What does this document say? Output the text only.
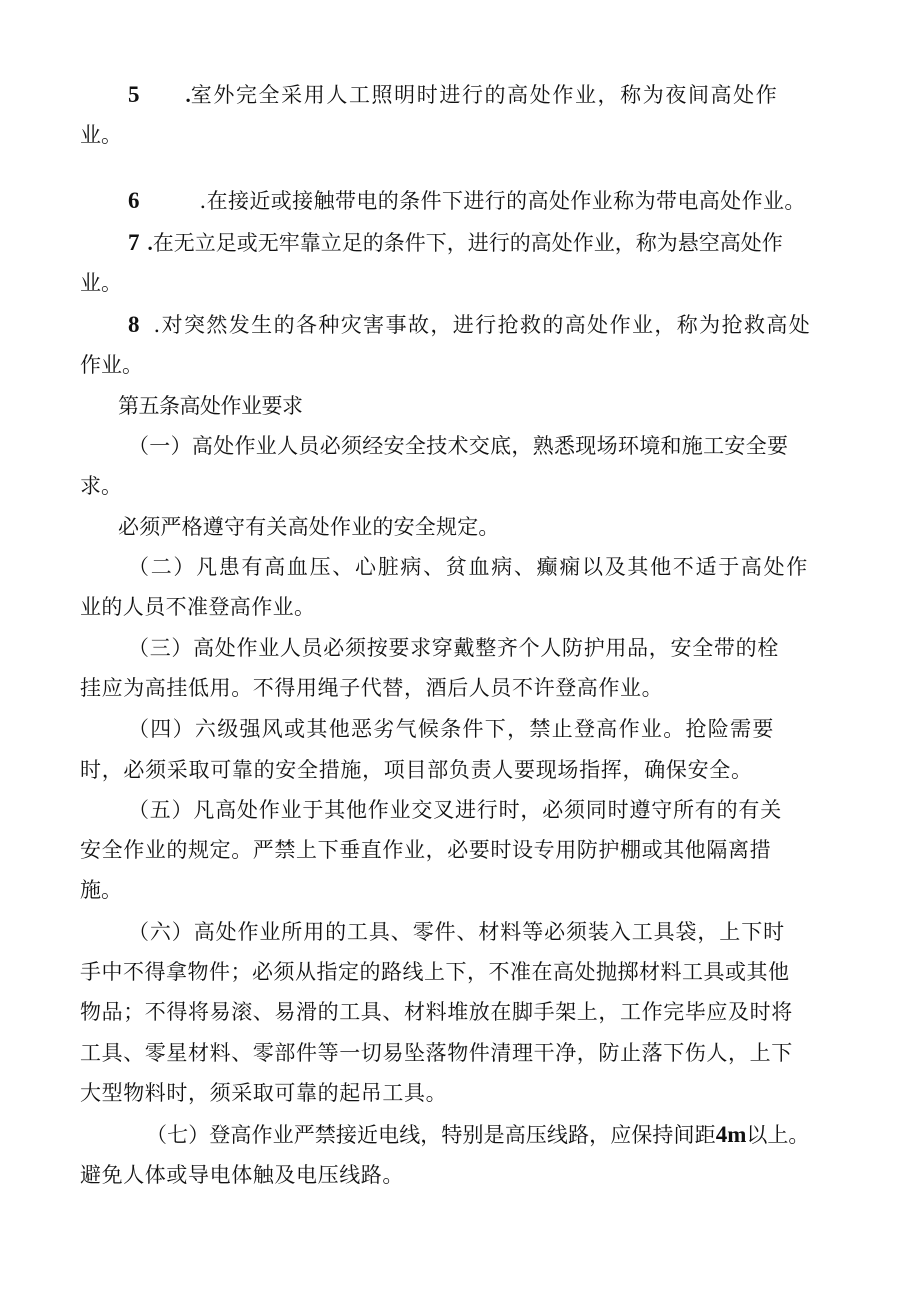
5 .室外完全采用人工照明时进行的高处作业，称为夜间高处作
业。
6	.在接近或接触带电的条件下进行的高处作业称为带电高处作业。
7 .在无立足或无牢靠立足的条件下，进行的高处作业，称为悬空高处作
业。
8 .对突然发生的各种灾害事故，进行抢救的高处作业，称为抢救高处
作业。
第五条高处作业要求
（一）高处作业人员必须经安全技术交底，熟悉现场环境和施工安全要
求。
必须严格遵守有关高处作业的安全规定。
（二）凡患有高血压、心脏病、贫血病、癫痫以及其他不适于高处作
业的人员不准登高作业。
（三）高处作业人员必须按要求穿戴整齐个人防护用品，安全带的栓
挂应为高挂低用。不得用绳子代替，酒后人员不许登高作业。
（四）六级强风或其他恶劣气候条件下，禁止登高作业。抢险需要
时，必须采取可靠的安全措施，项目部负责人要现场指挥，确保安全。
（五）凡高处作业于其他作业交叉进行时，必须同时遵守所有的有关
安全作业的规定。严禁上下垂直作业，必要时设专用防护棚或其他隔离措
施。
（六）高处作业所用的工具、零件、材料等必须装入工具袋，上下时
手中不得拿物件；必须从指定的路线上下，不准在高处抛掷材料工具或其他
物品；不得将易滚、易滑的工具、材料堆放在脚手架上，工作完毕应及时将
工具、零星材料、零部件等一切易坠落物件清理干净，防止落下伤人，上下
大型物料时，须采取可靠的起吊工具。
（七）登高作业严禁接近电线，特别是高压线路，应保持间距4m以上。
避免人体或导电体触及电压线路。
